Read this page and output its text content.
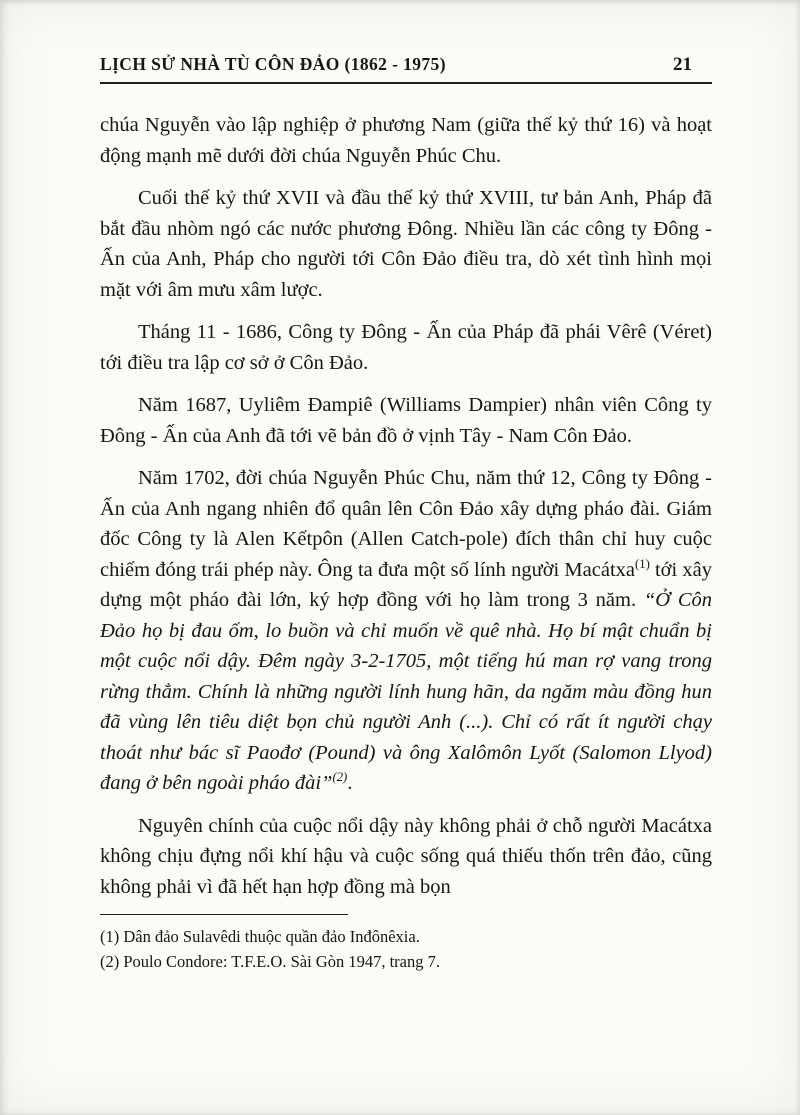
LỊCH SỬ NHÀ TÙ CÔN ĐẢO (1862 - 1975)	21

chúa Nguyễn vào lập nghiệp ở phương Nam (giữa thế kỷ thứ 16) và hoạt động mạnh mẽ dưới đời chúa Nguyễn Phúc Chu.

Cuối thế kỷ thứ XVII và đầu thế kỷ thứ XVIII, tư bản Anh, Pháp đã bắt đầu nhòm ngó các nước phương Đông. Nhiều lần các công ty Đông - Ấn của Anh, Pháp cho người tới Côn Đảo điều tra, dò xét tình hình mọi mặt với âm mưu xâm lược.

Tháng 11 - 1686, Công ty Đông - Ấn của Pháp đã phái Vêrê (Véret) tới điều tra lập cơ sở ở Côn Đảo.

Năm 1687, Uyliêm Đampiê (Williams Dampier) nhân viên Công ty Đông - Ấn của Anh đã tới vẽ bản đồ ở vịnh Tây - Nam Côn Đảo.

Năm 1702, đời chúa Nguyễn Phúc Chu, năm thứ 12, Công ty Đông - Ấn của Anh ngang nhiên đổ quân lên Côn Đảo xây dựng pháo đài. Giám đốc Công ty là Alen Kếtpôn (Allen Catch-pole) đích thân chỉ huy cuộc chiếm đóng trái phép này. Ông ta đưa một số lính người Macátxa$^{(1)}$ tới xây dựng một pháo đài lớn, ký hợp đồng với họ làm trong 3 năm. “Ở Côn Đảo họ bị đau ốm, lo buồn và chỉ muốn về quê nhà. Họ bí mật chuẩn bị một cuộc nổi dậy. Đêm ngày 3-2-1705, một tiếng hú man rợ vang trong rừng thẳm. Chính là những người lính hung hãn, da ngăm màu đồng hun đã vùng lên tiêu diệt bọn chủ người Anh (...). Chỉ có rất ít người chạy thoát như bác sĩ Paođơ (Pound) và ông Xalômôn Lyốt (Salomon Llyod) đang ở bên ngoài pháo đài”$^{(2)}$.

Nguyên chính của cuộc nổi dậy này không phải ở chỗ người Macátxa không chịu đựng nổi khí hậu và cuộc sống quá thiếu thốn trên đảo, cũng không phải vì đã hết hạn hợp đồng mà bọn

(1) Dân đảo Sulavêdi thuộc quần đảo Inđônêxia.

(2) Poulo Condore: T.F.E.O. Sài Gòn 1947, trang 7.
